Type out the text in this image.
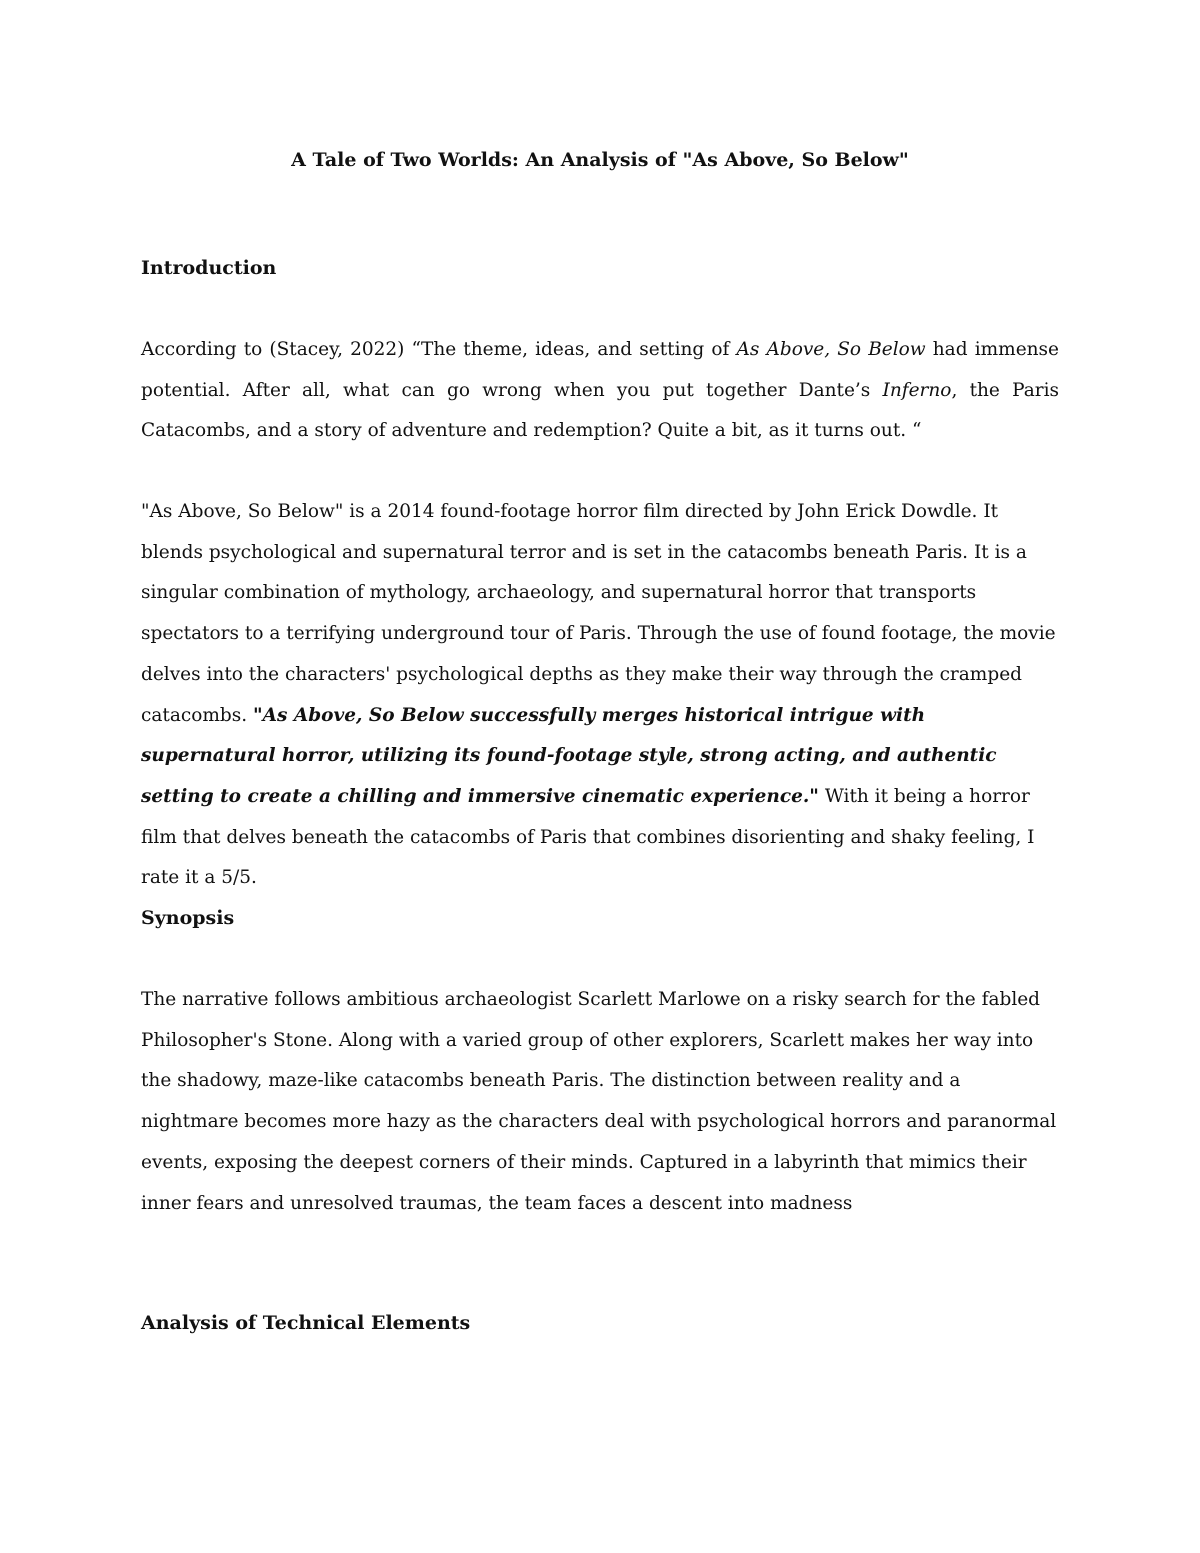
A Tale of Two Worlds: An Analysis of "As Above, So Below"
Introduction

According to (Stacey, 2022) “The theme, ideas, and setting of As Above, So Below had immense potential. After all, what can go wrong when you put together Dante’s Inferno, the Paris Catacombs, and a story of adventure and redemption? Quite a bit, as it turns out. “

"As Above, So Below" is a 2014 found-footage horror film directed by John Erick Dowdle. It blends psychological and supernatural terror and is set in the catacombs beneath Paris. It is a singular combination of mythology, archaeology, and supernatural horror that transports spectators to a terrifying underground tour of Paris. Through the use of found footage, the movie delves into the characters' psychological depths as they make their way through the cramped catacombs. "As Above, So Below successfully merges historical intrigue with supernatural horror, utilizing its found-footage style, strong acting, and authentic setting to create a chilling and immersive cinematic experience." With it being a horror film that delves beneath the catacombs of Paris that combines disorienting and shaky feeling, I rate it a 5/5.

Synopsis

The narrative follows ambitious archaeologist Scarlett Marlowe on a risky search for the fabled Philosopher's Stone. Along with a varied group of other explorers, Scarlett makes her way into the shadowy, maze-like catacombs beneath Paris. The distinction between reality and a nightmare becomes more hazy as the characters deal with psychological horrors and paranormal events, exposing the deepest corners of their minds. Captured in a labyrinth that mimics their inner fears and unresolved traumas, the team faces a descent into madness

Analysis of Technical Elements
